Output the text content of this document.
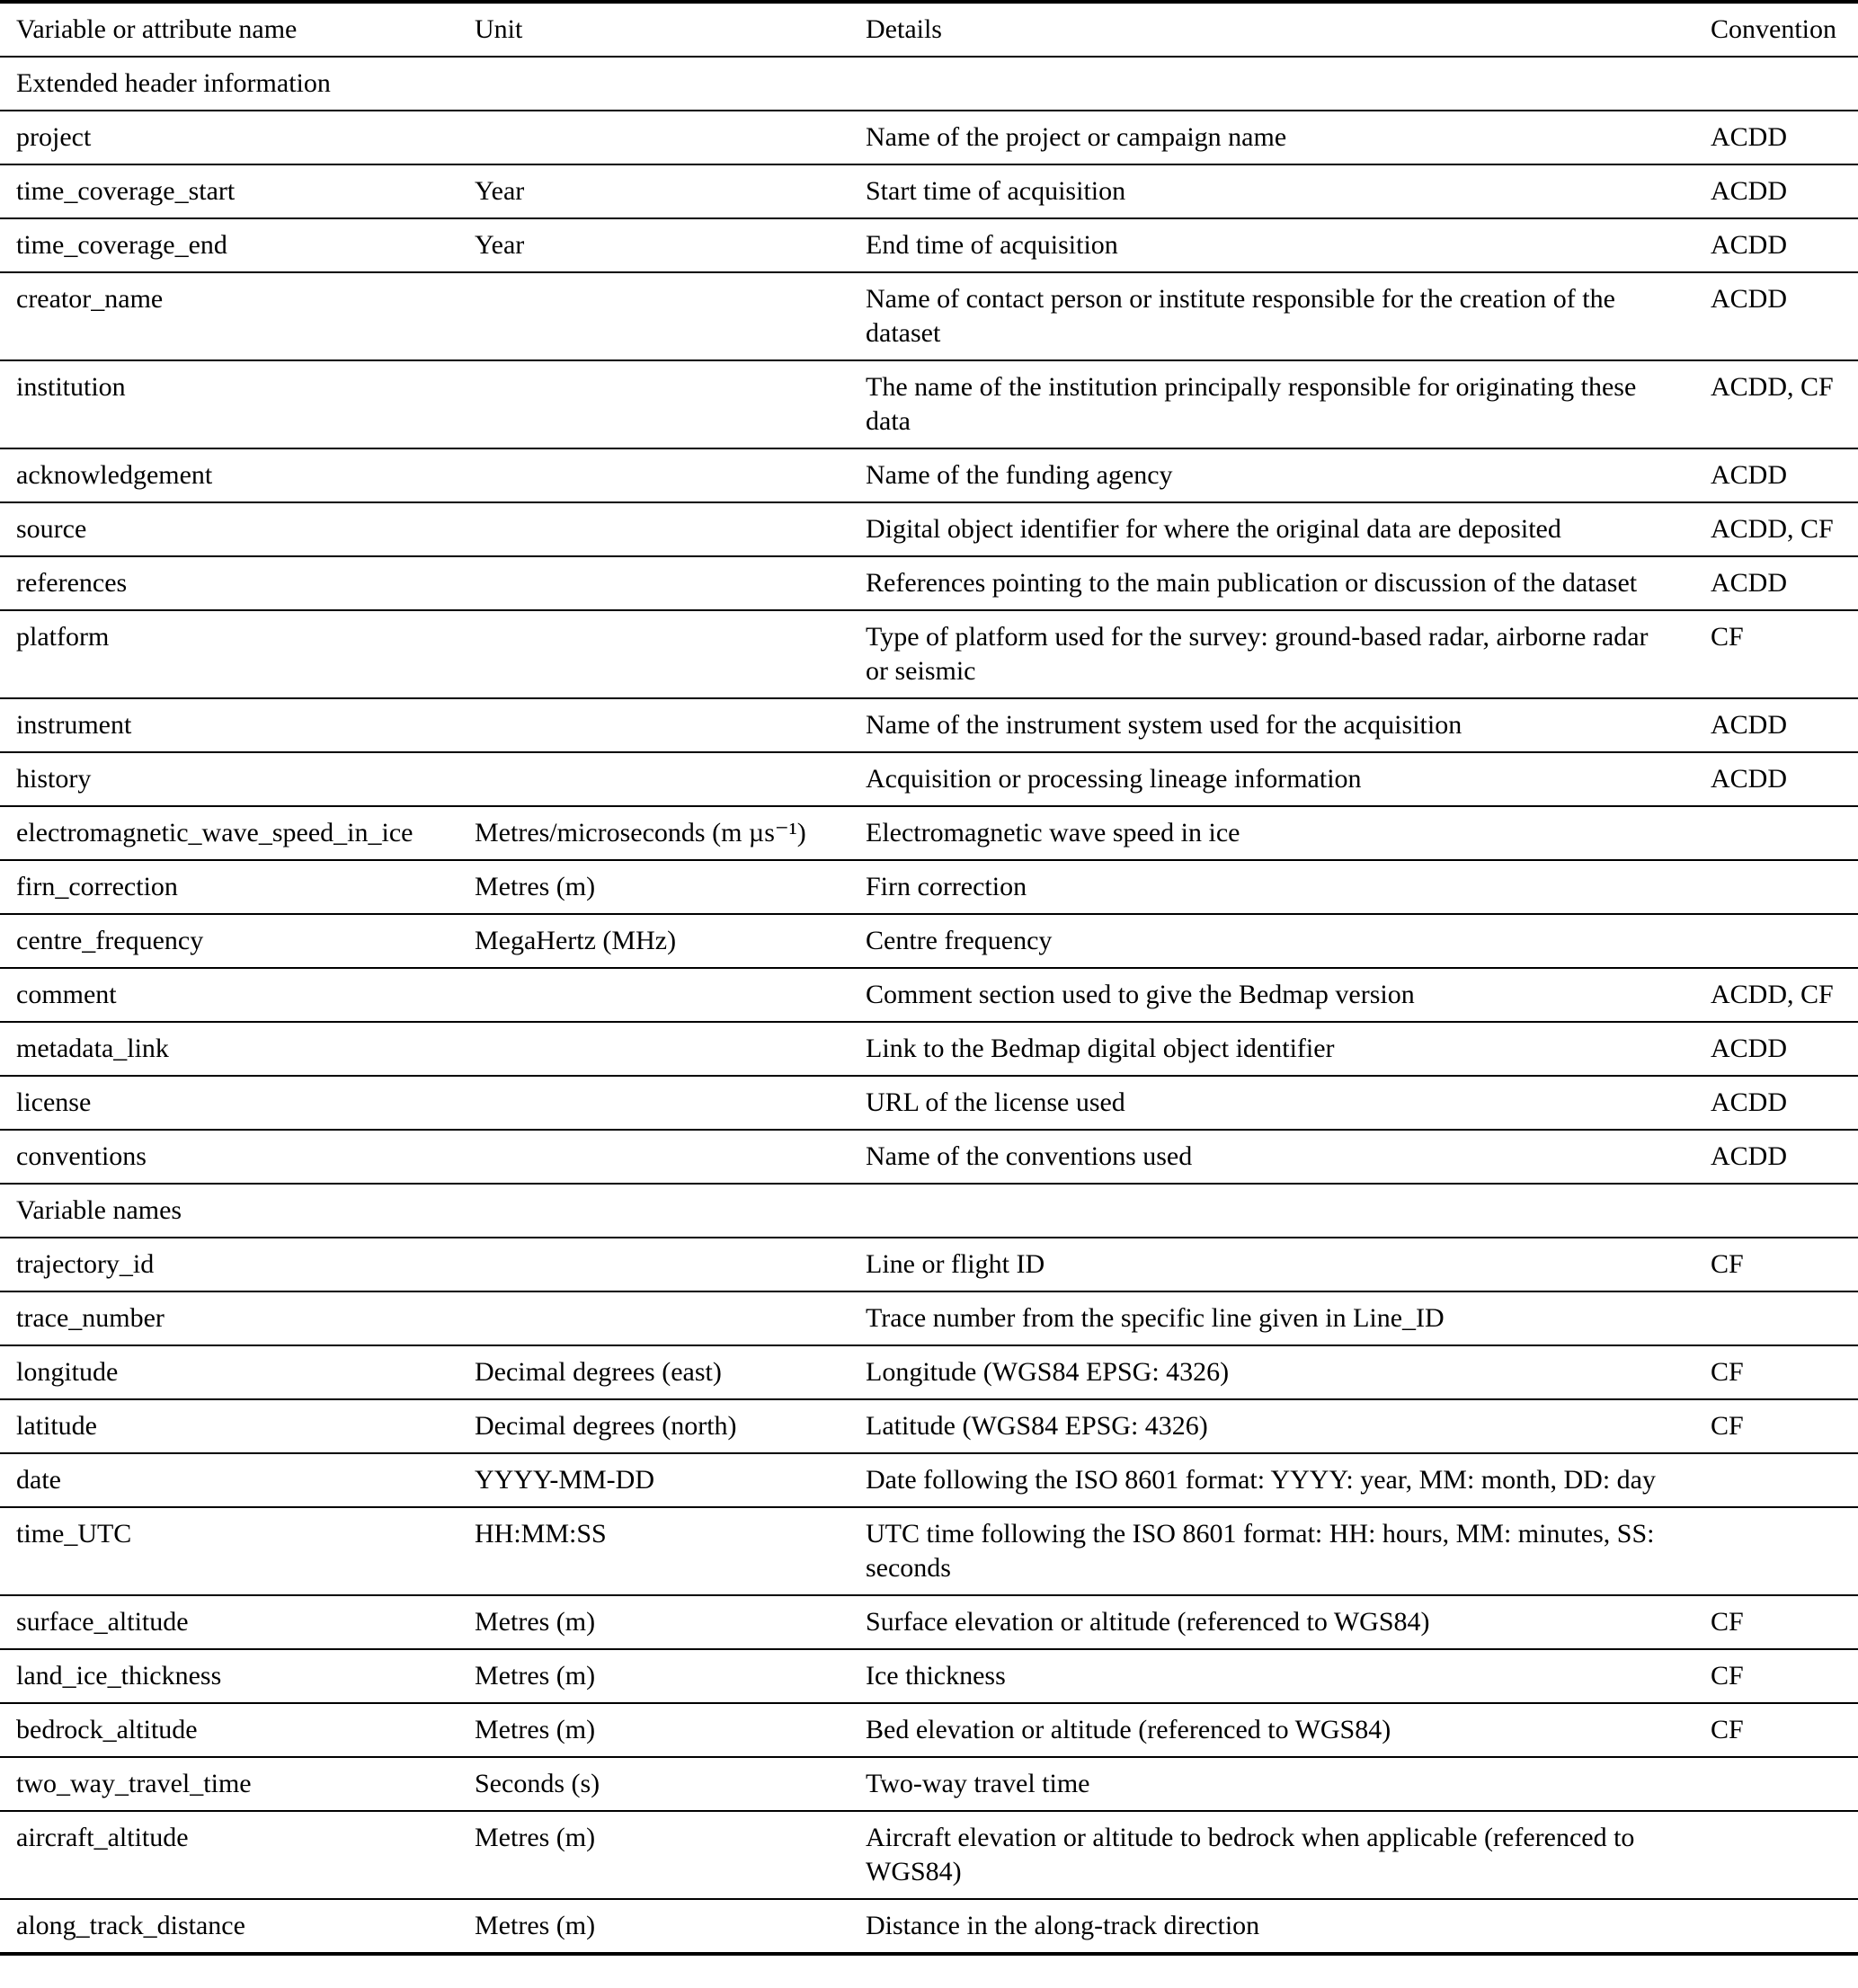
Variable or attribute name	Unit	Details	Convention
Extended header information			
project		Name of the project or campaign name	ACDD
time_coverage_start	Year	Start time of acquisition	ACDD
time_coverage_end	Year	End time of acquisition	ACDD
creator_name		Name of contact person or institute responsible for the creation of the dataset	ACDD
institution		The name of the institution principally responsible for originating these data	ACDD, CF
acknowledgement		Name of the funding agency	ACDD
source		Digital object identifier for where the original data are deposited	ACDD, CF
references		References pointing to the main publication or discussion of the dataset	ACDD
platform		Type of platform used for the survey: ground-based radar, airborne radar or seismic	CF
instrument		Name of the instrument system used for the acquisition	ACDD
history		Acquisition or processing lineage information	ACDD
electromagnetic_wave_speed_in_ice	Metres/microseconds (m µs⁻¹)	Electromagnetic wave speed in ice	
firn_correction	Metres (m)	Firn correction	
centre_frequency	MegaHertz (MHz)	Centre frequency	
comment		Comment section used to give the Bedmap version	ACDD, CF
metadata_link		Link to the Bedmap digital object identifier	ACDD
license		URL of the license used	ACDD
conventions		Name of the conventions used	ACDD
Variable names			
trajectory_id		Line or flight ID	CF
trace_number		Trace number from the specific line given in Line_ID	
longitude	Decimal degrees (east)	Longitude (WGS84 EPSG: 4326)	CF
latitude	Decimal degrees (north)	Latitude (WGS84 EPSG: 4326)	CF
date	YYYY-MM-DD	Date following the ISO 8601 format: YYYY: year, MM: month, DD: day	
time_UTC	HH:MM:SS	UTC time following the ISO 8601 format: HH: hours, MM: minutes, SS: seconds	
surface_altitude	Metres (m)	Surface elevation or altitude (referenced to WGS84)	CF
land_ice_thickness	Metres (m)	Ice thickness	CF
bedrock_altitude	Metres (m)	Bed elevation or altitude (referenced to WGS84)	CF
two_way_travel_time	Seconds (s)	Two-way travel time	
aircraft_altitude	Metres (m)	Aircraft elevation or altitude to bedrock when applicable (referenced to WGS84)	
along_track_distance	Metres (m)	Distance in the along-track direction	
